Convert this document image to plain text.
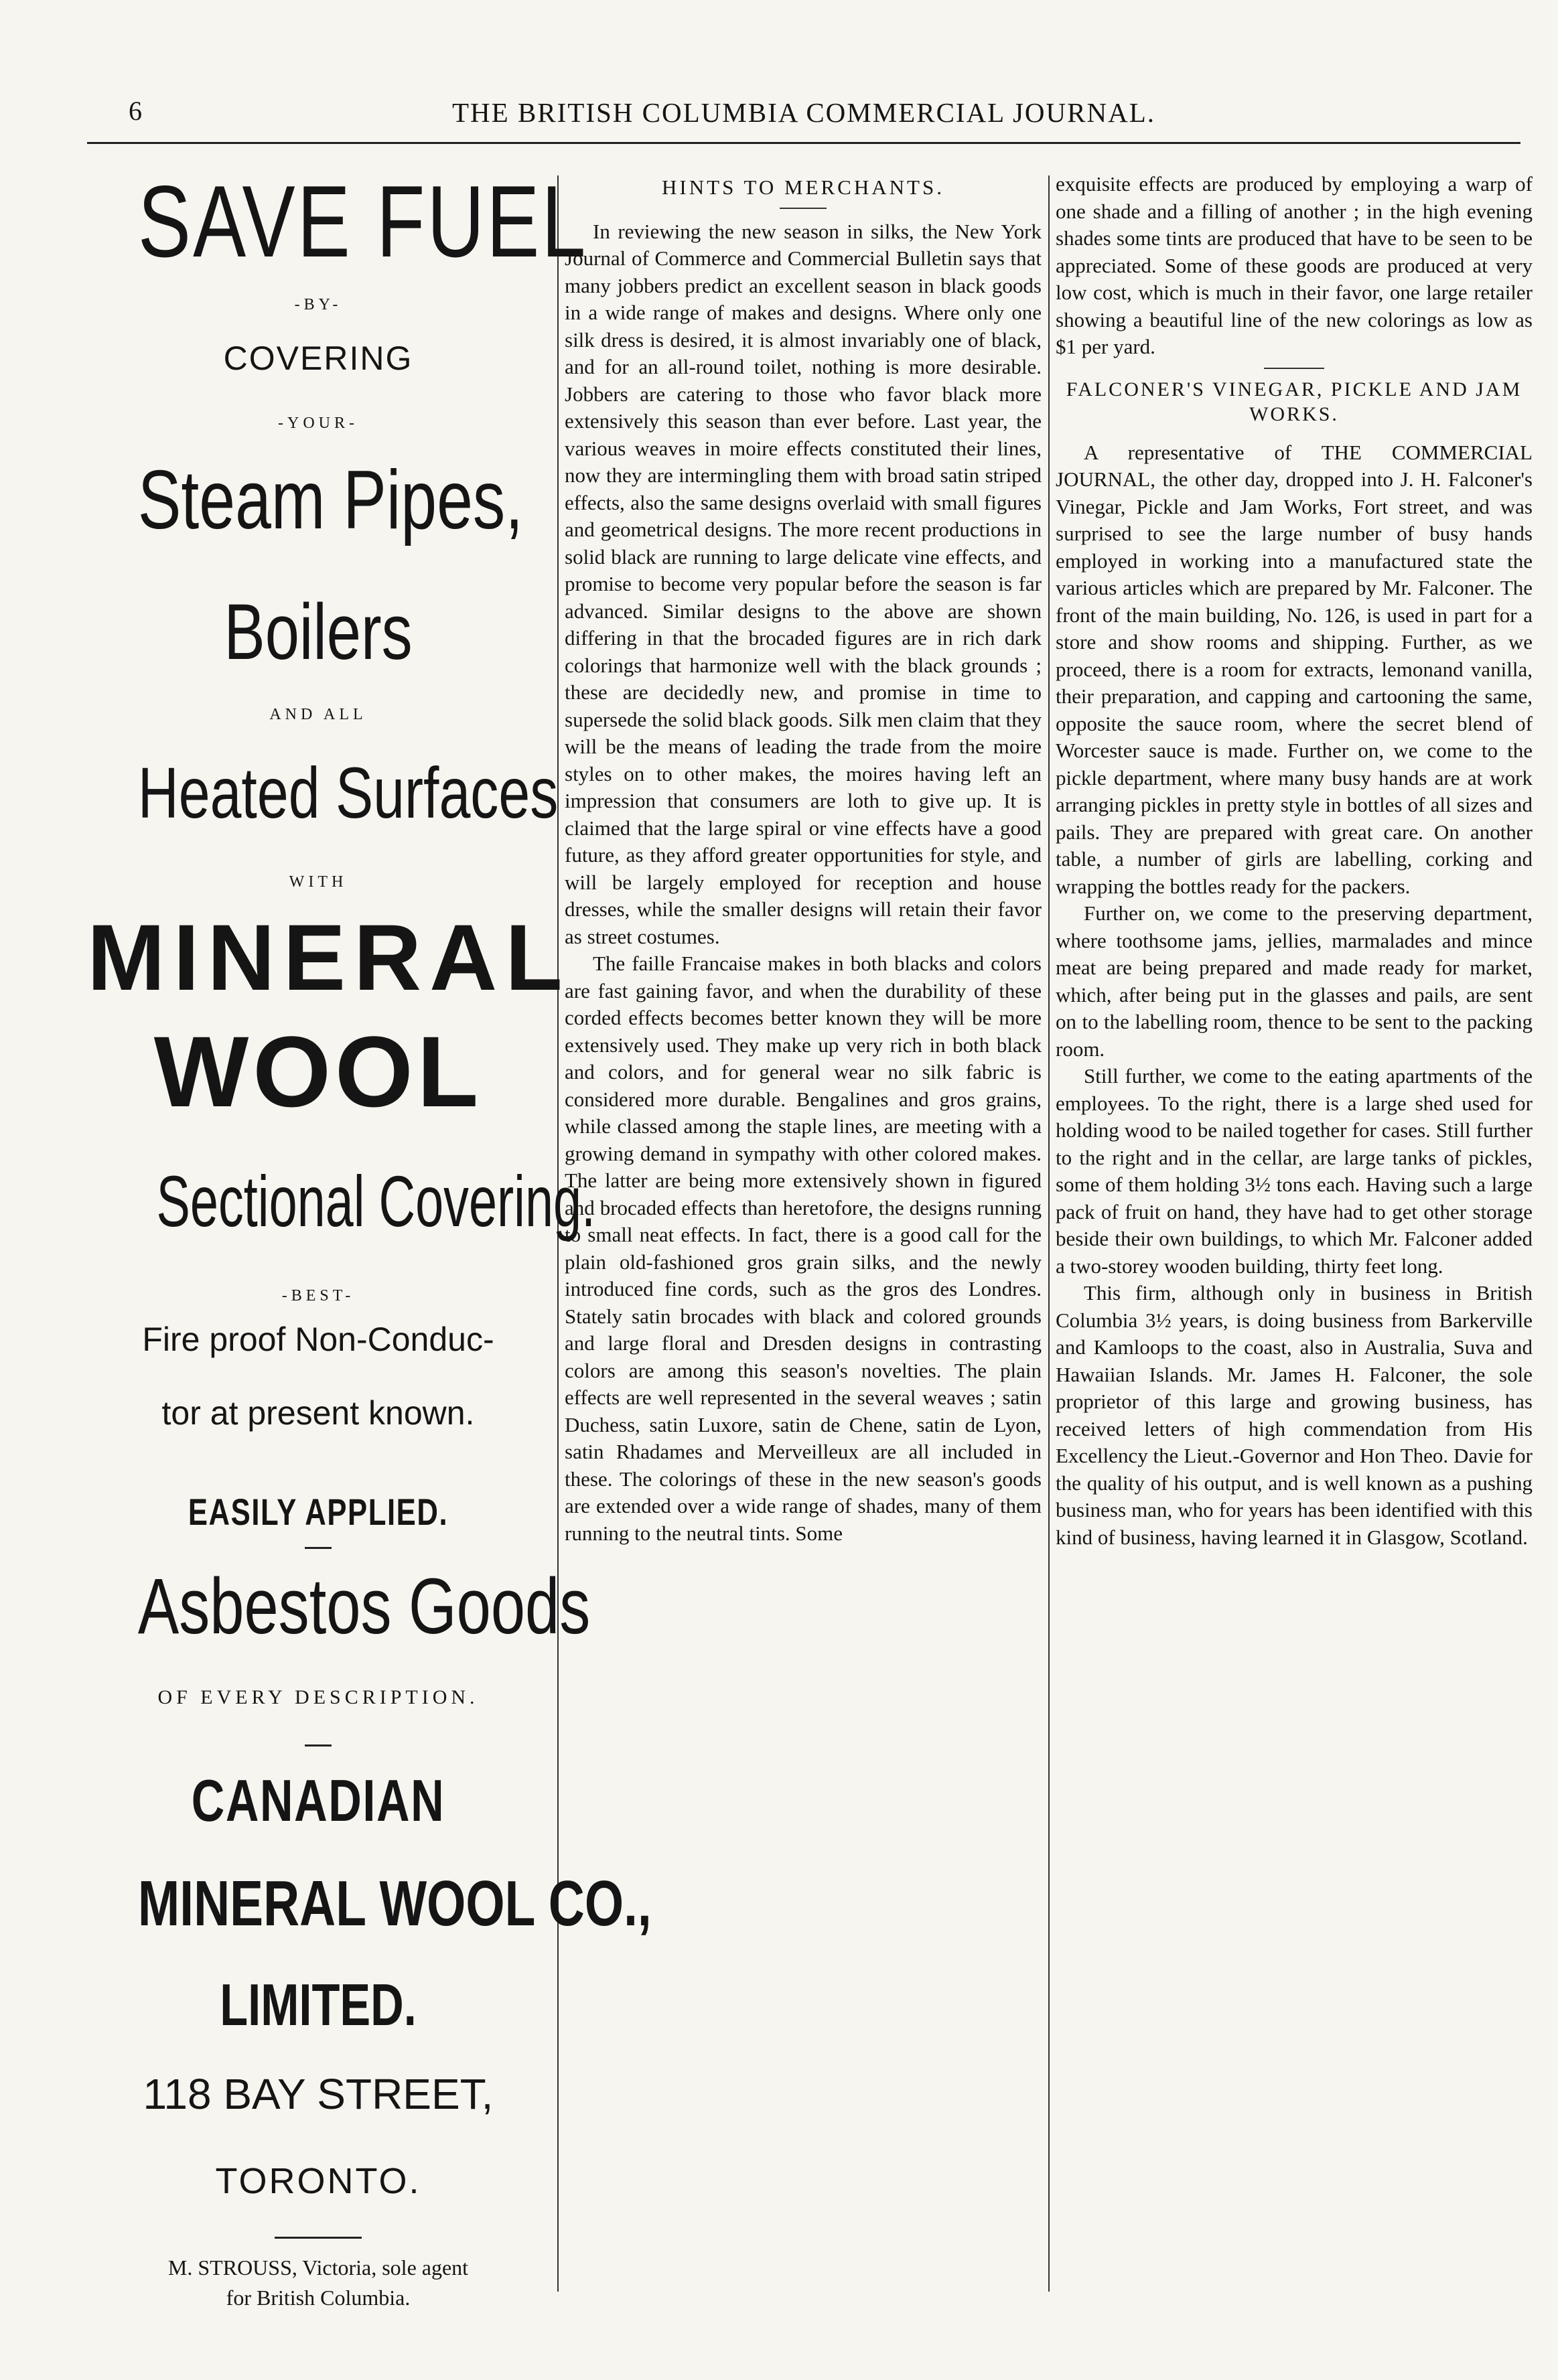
6	THE BRITISH COLUMBIA COMMERCIAL JOURNAL.
SAVE FUEL
-BY-
COVERING
-YOUR-
Steam Pipes,
Boilers
AND ALL
Heated Surfaces
WITH
MINERAL
WOOL
Sectional Covering.
-BEST-
Fire proof Non-Conduc-
tor at present known.
EASILY APPLIED.
Asbestos Goods
OF EVERY DESCRIPTION.
CANADIAN
MINERAL WOOL CO.,
LIMITED.
118 BAY STREET,
TORONTO.
M. STROUSS, Victoria, sole agent
for British Columbia.
HINTS TO MERCHANTS.

In reviewing the new season in silks, the New York Journal of Commerce and Commercial Bulletin says that many jobbers predict an excellent season in black goods in a wide range of makes and designs. Where only one silk dress is desired, it is almost invariably one of black, and for an all-round toilet, nothing is more desirable. Jobbers are catering to those who favor black more extensively this season than ever before. Last year, the various weaves in moire effects constituted their lines, now they are intermingling them with broad satin striped effects, also the same designs overlaid with small figures and geometrical designs. The more recent productions in solid black are running to large delicate vine effects, and promise to become very popular before the season is far advanced. Similar designs to the above are shown differing in that the brocaded figures are in rich dark colorings that harmonize well with the black grounds ; these are decidedly new, and promise in time to supersede the solid black goods. Silk men claim that they will be the means of leading the trade from the moire styles on to other makes, the moires having left an impression that consumers are loth to give up. It is claimed that the large spiral or vine effects have a good future, as they afford greater opportunities for style, and will be largely employed for reception and house dresses, while the smaller designs will retain their favor as street costumes.

The faille Francaise makes in both blacks and colors are fast gaining favor, and when the durability of these corded effects becomes better known they will be more extensively used. They make up very rich in both black and colors, and for general wear no silk fabric is considered more durable. Bengalines and gros grains, while classed among the staple lines, are meeting with a growing demand in sympathy with other colored makes. The latter are being more extensively shown in figured and brocaded effects than heretofore, the designs running to small neat effects. In fact, there is a good call for the plain old-fashioned gros grain silks, and the newly introduced fine cords, such as the gros des Londres. Stately satin brocades with black and colored grounds and large floral and Dresden designs in contrasting colors are among this season's novelties. The plain effects are well represented in the several weaves ; satin Duchess, satin Luxore, satin de Chene, satin de Lyon, satin Rhadames and Merveilleux are all included in these. The colorings of these in the new season's goods are extended over a wide range of shades, many of them running to the neutral tints. Some

exquisite effects are produced by employing a warp of one shade and a filling of another ; in the high evening shades some tints are produced that have to be seen to be appreciated. Some of these goods are produced at very low cost, which is much in their favor, one large retailer showing a beautiful line of the new colorings as low as $1 per yard.

FALCONER'S VINEGAR, PICKLE AND JAM WORKS.

A representative of THE COMMERCIAL JOURNAL, the other day, dropped into J. H. Falconer's Vinegar, Pickle and Jam Works, Fort street, and was surprised to see the large number of busy hands employed in working into a manufactured state the various articles which are prepared by Mr. Falconer. The front of the main building, No. 126, is used in part for a store and show rooms and shipping. Further, as we proceed, there is a room for extracts, lemonand vanilla, their preparation, and capping and cartooning the same, opposite the sauce room, where the secret blend of Worcester sauce is made. Further on, we come to the pickle department, where many busy hands are at work arranging pickles in pretty style in bottles of all sizes and pails. They are prepared with great care. On another table, a number of girls are labelling, corking and wrapping the bottles ready for the packers.

Further on, we come to the preserving department, where toothsome jams, jellies, marmalades and mince meat are being prepared and made ready for market, which, after being put in the glasses and pails, are sent on to the labelling room, thence to be sent to the packing room.

Still further, we come to the eating apartments of the employees. To the right, there is a large shed used for holding wood to be nailed together for cases. Still further to the right and in the cellar, are large tanks of pickles, some of them holding 3½ tons each. Having such a large pack of fruit on hand, they have had to get other storage beside their own buildings, to which Mr. Falconer added a two-storey wooden building, thirty feet long.

This firm, although only in business in British Columbia 3½ years, is doing business from Barkerville and Kamloops to the coast, also in Australia, Suva and Hawaiian Islands. Mr. James H. Falconer, the sole proprietor of this large and growing business, has received letters of high commendation from His Excellency the Lieut.-Governor and Hon Theo. Davie for the quality of his output, and is well known as a pushing business man, who for years has been identified with this kind of business, having learned it in Glasgow, Scotland.
